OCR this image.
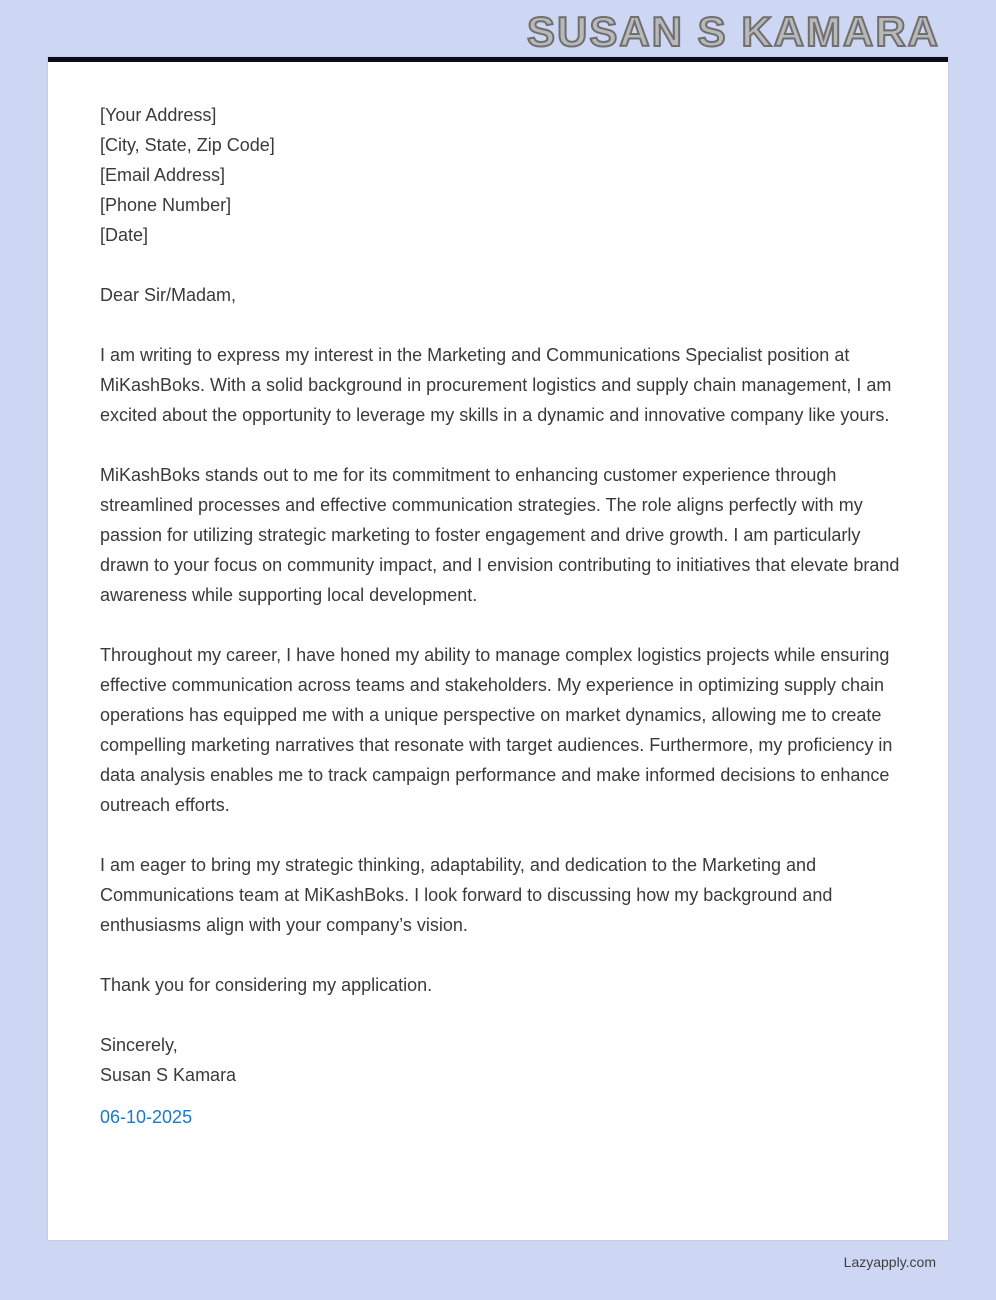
SUSAN S KAMARA
[Your Address]
[City, State, Zip Code]
[Email Address]
[Phone Number]
[Date]
Dear Sir/Madam,

I am writing to express my interest in the Marketing and Communications Specialist position at MiKashBoks. With a solid background in procurement logistics and supply chain management, I am excited about the opportunity to leverage my skills in a dynamic and innovative company like yours.

MiKashBoks stands out to me for its commitment to enhancing customer experience through streamlined processes and effective communication strategies. The role aligns perfectly with my passion for utilizing strategic marketing to foster engagement and drive growth. I am particularly drawn to your focus on community impact, and I envision contributing to initiatives that elevate brand awareness while supporting local development.

Throughout my career, I have honed my ability to manage complex logistics projects while ensuring effective communication across teams and stakeholders. My experience in optimizing supply chain operations has equipped me with a unique perspective on market dynamics, allowing me to create compelling marketing narratives that resonate with target audiences. Furthermore, my proficiency in data analysis enables me to track campaign performance and make informed decisions to enhance outreach efforts.

I am eager to bring my strategic thinking, adaptability, and dedication to the Marketing and Communications team at MiKashBoks. I look forward to discussing how my background and enthusiasms align with your company’s vision.

Thank you for considering my application.

Sincerely,
Susan S Kamara
06-10-2025
Lazyapply.com
